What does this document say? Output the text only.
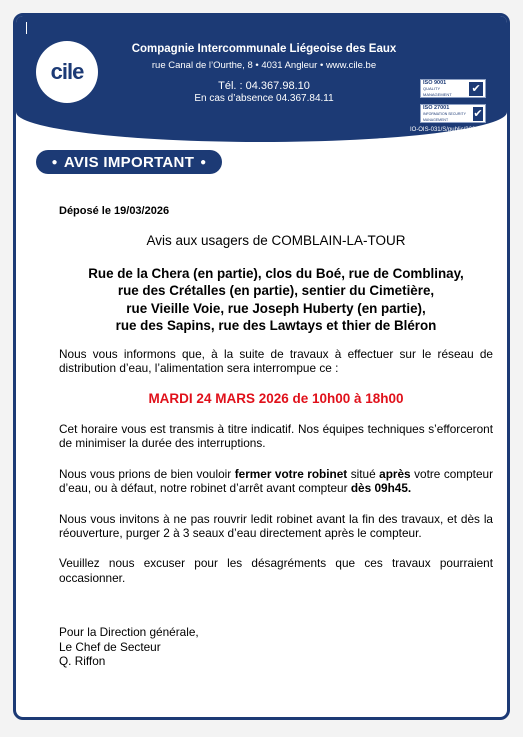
cile
Compagnie Intercommunale Liégeoise des Eaux
rue Canal de l’Ourthe, 8 • 4031 Angleur • www.cile.be
Tél. : 04.367.98.10
En cas d’absence 04.367.84.11
ISO 9001
QUALITY MANAGEMENT	✔
ISO 27001
INFORMATION SECURITY MANAGEMENT	✔
IO-OIS-031/S/public/22042025
● AVIS IMPORTANT ●
Déposé le 19/03/2026
Avis aux usagers de COMBLAIN-LA-TOUR
Rue de la Chera (en partie), clos du Boé, rue de Comblinay,
rue des Crétalles (en partie), sentier du Cimetière,
rue Vieille Voie, rue Joseph Huberty (en partie),
rue des Sapins, rue des Lawtays et thier de Bléron
Nous vous informons que, à la suite de travaux à effectuer sur le réseau de distribution d’eau, l’alimentation sera interrompue ce :
MARDI 24 MARS 2026 de 10h00 à 18h00
Cet horaire vous est transmis à titre indicatif. Nos équipes techniques s’efforceront de minimiser la durée des interruptions.
Nous vous prions de bien vouloir fermer votre robinet situé après votre compteur d’eau, ou à défaut, notre robinet d’arrêt avant compteur dès 09h45.
Nous vous invitons à ne pas rouvrir ledit robinet avant la fin des travaux, et dès la réouverture, purger 2 à 3 seaux d’eau directement après le compteur.
Veuillez nous excuser pour les désagréments que ces travaux pourraient occasionner.
Pour la Direction générale,
Le Chef de Secteur
Q. Riffon
